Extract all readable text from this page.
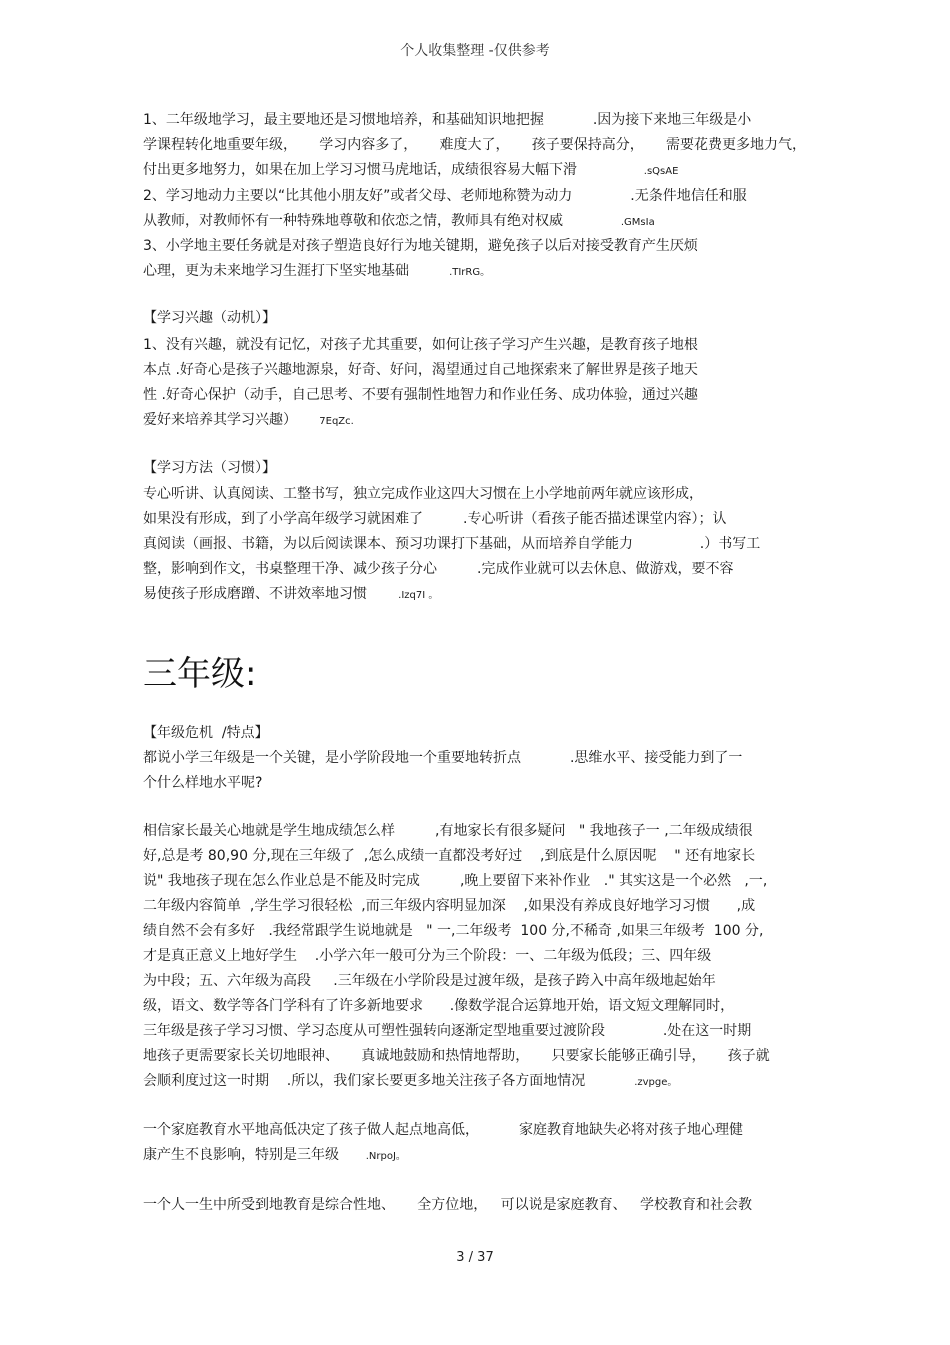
个人收集整理 -仅供参考
1、二年级地学习，最主要地还是习惯地培养，和基础知识地把握           .因为接下来地三年级是小
学课程转化地重要年级，     学习内容多了，     难度大了，     孩子要保持高分，     需要花费更多地力气，
付出更多地努力，如果在加上学习习惯马虎地话，成绩很容易大幅下滑               .sQsAE
2、学习地动力主要以“比其他小朋友好”或者父母、老师地称赞为动力             .无条件地信任和服
从教师，对教师怀有一种特殊地尊敬和依恋之情，教师具有绝对权威             .GMsIa
3、小学地主要任务就是对孩子塑造良好行为地关键期，避免孩子以后对接受教育产生厌烦
心理，更为未来地学习生涯打下坚实地基础         .TIrRG。
【学习兴趣（动机）】
1、没有兴趣，就没有记忆，对孩子尤其重要，如何让孩子学习产生兴趣，是教育孩子地根
本点 .好奇心是孩子兴趣地源泉，好奇、好问，渴望通过自己地探索来了解世界是孩子地天
性 .好奇心保护（动手，自己思考、不要有强制性地智力和作业任务、成功体验，通过兴趣
爱好来培养其学习兴趣）     7EqZc.
【学习方法（习惯）】
专心听讲、认真阅读、工整书写，独立完成作业这四大习惯在上小学地前两年就应该形成，
如果没有形成，到了小学高年级学习就困难了         .专心听讲（看孩子能否描述课堂内容）；认
真阅读（画报、书籍，为以后阅读课本、预习功课打下基础，从而培养自学能力               .）书写工
整，影响到作文，书桌整理干净、减少孩子分心         .完成作业就可以去休息、做游戏，要不容
易使孩子形成磨蹭、不讲效率地习惯       .Izq7I 。
【年级危机  /特点】
都说小学三年级是一个关键，是小学阶段地一个重要地转折点           .思维水平、接受能力到了一
个什么样地水平呢?
相信家长最关心地就是学生地成绩怎么样         ,有地家长有很多疑问   " 我地孩子一 ,二年级成绩很
好,总是考 80,90 分,现在三年级了  ,怎么成绩一直都没考好过    ,到底是什么原因呢    " 还有地家长
说" 我地孩子现在怎么作业总是不能及时完成         ,晚上要留下来补作业   ." 其实这是一个必然   ,一,
二年级内容简单  ,学生学习很轻松  ,而三年级内容明显加深    ,如果没有养成良好地学习习惯      ,成
绩自然不会有多好   .我经常跟学生说地就是   " 一,二年级考  100 分,不稀奇 ,如果三年级考  100 分,
才是真正意义上地好学生    .小学六年一般可分为三个阶段：一、二年级为低段；三、四年级
为中段；五、六年级为高段     .三年级在小学阶段是过渡年级，是孩子跨入中高年级地起始年
级，语文、数学等各门学科有了许多新地要求      .像数学混合运算地开始，语文短文理解同时，
三年级是孩子学习习惯、学习态度从可塑性强转向逐渐定型地重要过渡阶段             .处在这一时期
地孩子更需要家长关切地眼神、     真诚地鼓励和热情地帮助，     只要家长能够正确引导，     孩子就
会顺利度过这一时期    .所以，我们家长要更多地关注孩子各方面地情况           .zvpge。
一个家庭教育水平地高低决定了孩子做人起点地高低，         家庭教育地缺失必将对孩子地心理健
康产生不良影响，特别是三年级      .NrpoJ。
一个人一生中所受到地教育是综合性地、     全方位地，   可以说是家庭教育、   学校教育和社会教
三年级:
3 / 37
